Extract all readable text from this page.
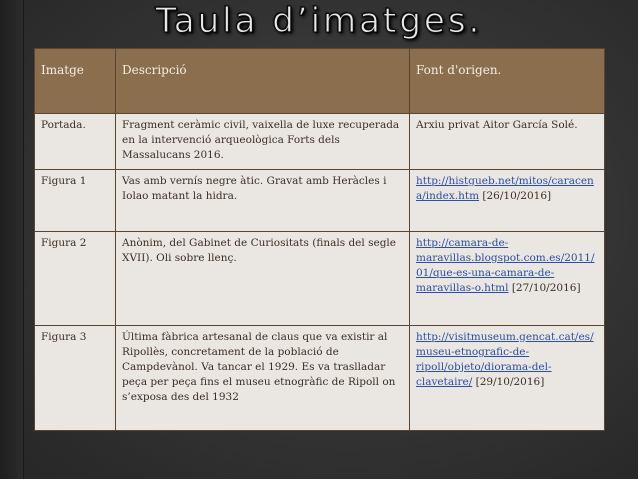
Taula d’imatges.
Imatge	Descripció	Font d'origen.
Portada.	Fragment ceràmic civil, vaixella de luxe recuperada en la intervenció arqueològica Forts dels Massalucans 2016.	Arxiu privat Aitor García Solé.
Figura 1	Vas amb vernís negre àtic. Gravat amb Heràcles i Iolao matant la hidra.	http://histgueb.net/mitos/caracena/index.htm [26/10/2016]
Figura 2	Anònim, del Gabinet de Curiositats (finals del segle XVII). Oli sobre llenç.	http://camara-de-maravillas.blogspot.com.es/2011/01/que-es-una-camara-de-maravillas-o.html [27/10/2016]
Figura 3	Última fàbrica artesanal de claus que va existir al Ripollès, concretament de la població de Campdevànol. Va tancar el 1929. Es va traslladar peça per peça fins el museu etnogràfic de Ripoll on s’exposa des del 1932	http://visitmuseum.gencat.cat/es/museu-etnografic-de-ripoll/objeto/diorama-del-clavetaire/ [29/10/2016]
